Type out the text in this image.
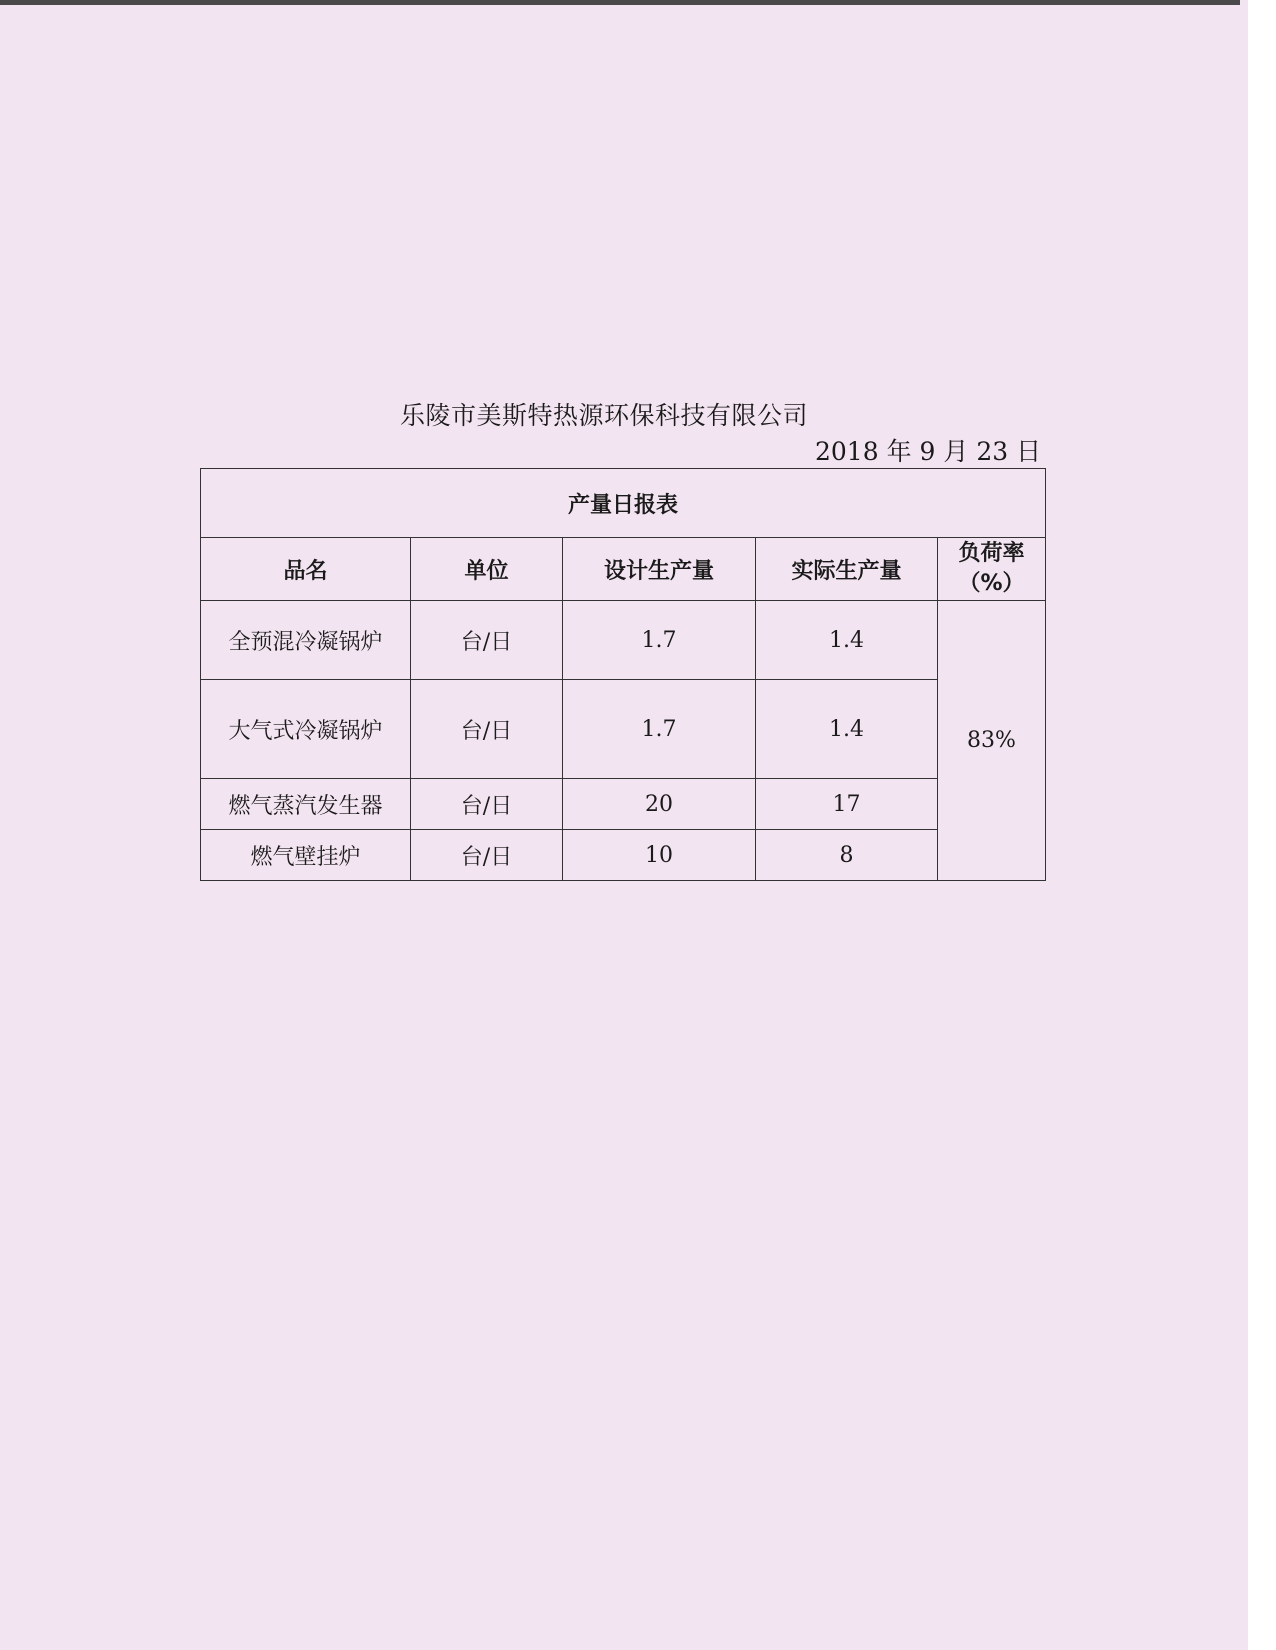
乐陵市美斯特热源环保科技有限公司
2018 年 9 月 23 日
产量日报表				
品名	单位	设计生产量	实际生产量	负荷率
（%）
全预混冷凝锅炉	台/日	1.7	1.4	83%
大气式冷凝锅炉	台/日	1.7	1.4	
燃气蒸汽发生器	台/日	20	17	
燃气壁挂炉	台/日	10	8	
